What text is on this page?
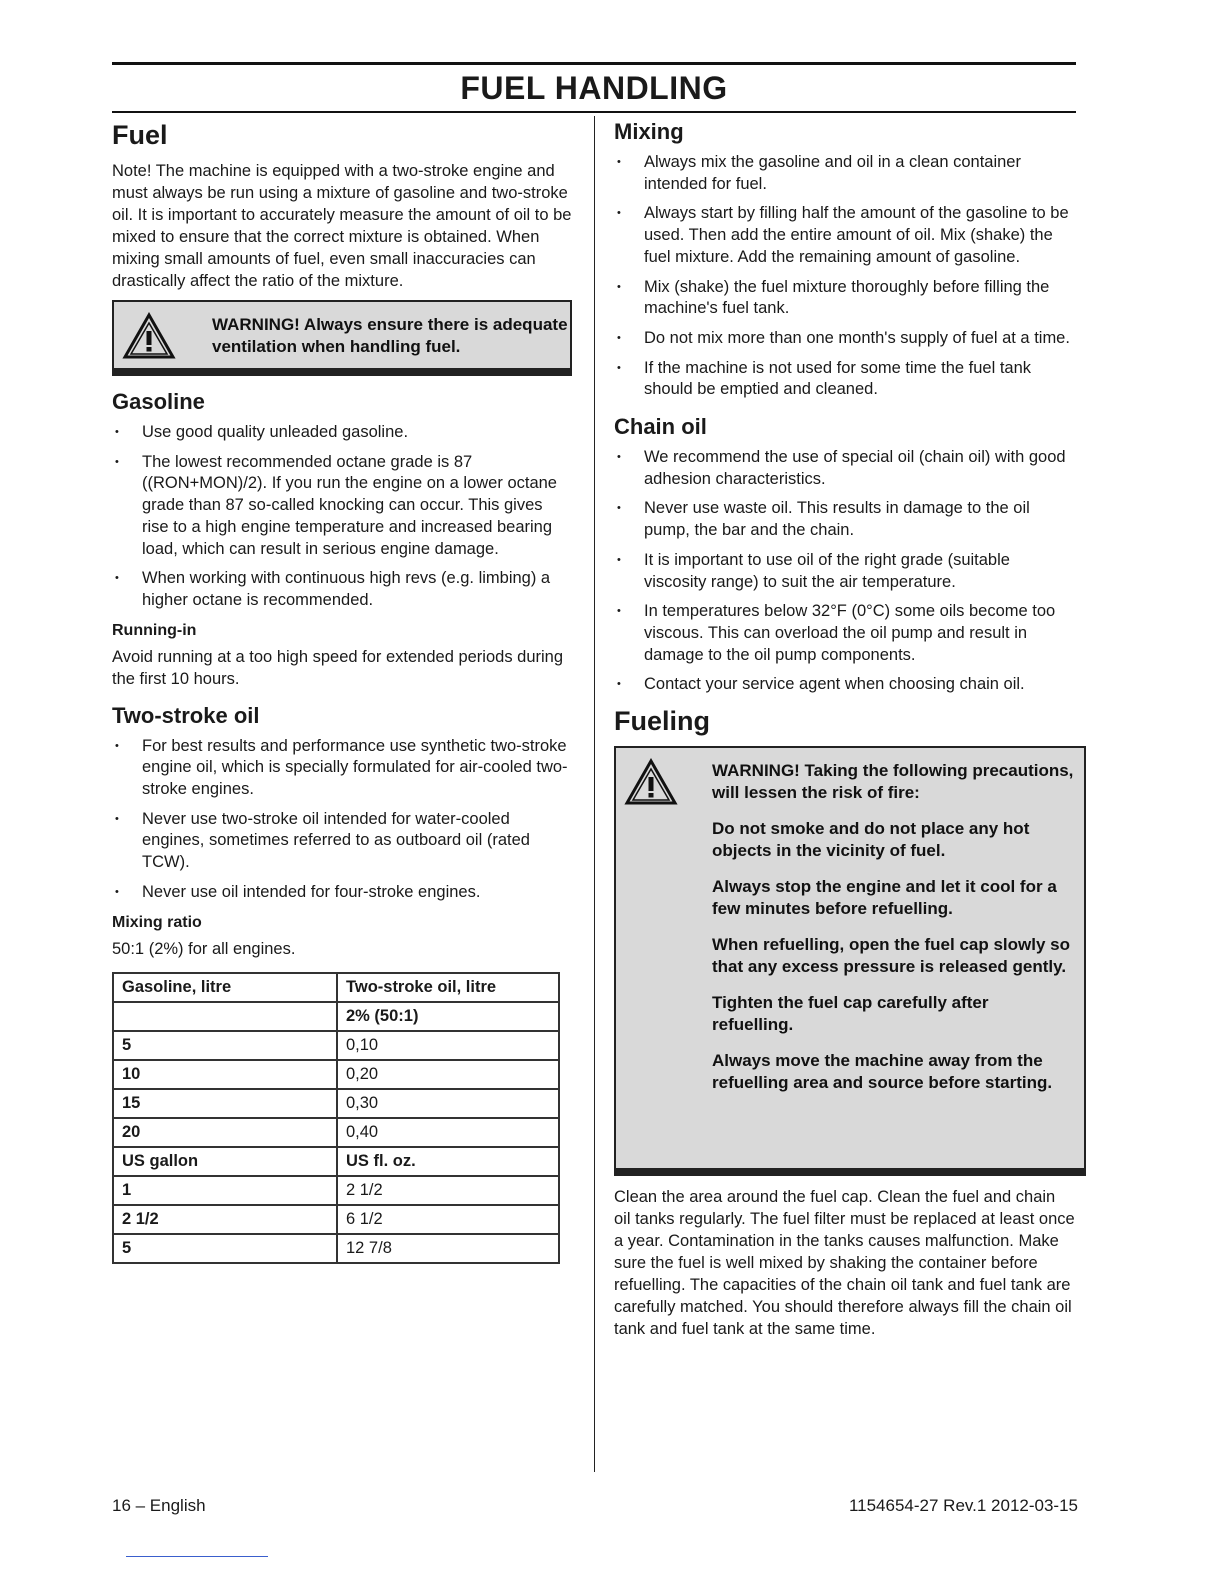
FUEL HANDLING
Fuel

Note! The machine is equipped with a two-stroke engine and must always be run using a mixture of gasoline and two-stroke oil. It is important to accurately measure the amount of oil to be mixed to ensure that the correct mixture is obtained. When mixing small amounts of fuel, even small inaccuracies can drastically affect the ratio of the mixture.

WARNING! Always ensure there is adequate ventilation when handling fuel.
Gasoline
• Use good quality unleaded gasoline.
• The lowest recommended octane grade is 87 ((RON+MON)/2). If you run the engine on a lower octane grade than 87 so-called knocking can occur. This gives rise to a high engine temperature and increased bearing load, which can result in serious engine damage.
• When working with continuous high revs (e.g. limbing) a higher octane is recommended.
Running-in

Avoid running at a too high speed for extended periods during the first 10 hours.

Two-stroke oil
• For best results and performance use synthetic two-stroke engine oil, which is specially formulated for air-cooled two-stroke engines.
• Never use two-stroke oil intended for water-cooled engines, sometimes referred to as outboard oil (rated TCW).
• Never use oil intended for four-stroke engines.
Mixing ratio

50:1 (2%) for all engines.

Gasoline, litre	Two-stroke oil, litre
	2% (50:1)
5	0,10
10	0,20
15	0,30
20	0,40
US gallon	US fl. oz.
1	2 1/2
2 1/2	6 1/2
5	12 7/8
Mixing
• Always mix the gasoline and oil in a clean container intended for fuel.
• Always start by filling half the amount of the gasoline to be used. Then add the entire amount of oil. Mix (shake) the fuel mixture. Add the remaining amount of gasoline.
• Mix (shake) the fuel mixture thoroughly before filling the machine's fuel tank.
• Do not mix more than one month's supply of fuel at a time.
• If the machine is not used for some time the fuel tank should be emptied and cleaned.
Chain oil
• We recommend the use of special oil (chain oil) with good adhesion characteristics.
• Never use waste oil. This results in damage to the oil pump, the bar and the chain.
• It is important to use oil of the right grade (suitable viscosity range) to suit the air temperature.
• In temperatures below 32°F (0°C) some oils become too viscous. This can overload the oil pump and result in damage to the oil pump components.
• Contact your service agent when choosing chain oil.
Fueling
WARNING! Taking the following precautions, will lessen the risk of fire:
Do not smoke and do not place any hot objects in the vicinity of fuel.
Always stop the engine and let it cool for a few minutes before refuelling.
When refuelling, open the fuel cap slowly so that any excess pressure is released gently.
Tighten the fuel cap carefully after refuelling.
Always move the machine away from the refuelling area and source before starting.

Clean the area around the fuel cap. Clean the fuel and chain oil tanks regularly. The fuel filter must be replaced at least once a year. Contamination in the tanks causes malfunction. Make sure the fuel is well mixed by shaking the container before refuelling. The capacities of the chain oil tank and fuel tank are carefully matched. You should therefore always fill the chain oil tank and fuel tank at the same time.

16 – English	1154654-27 Rev.1 2012-03-15
